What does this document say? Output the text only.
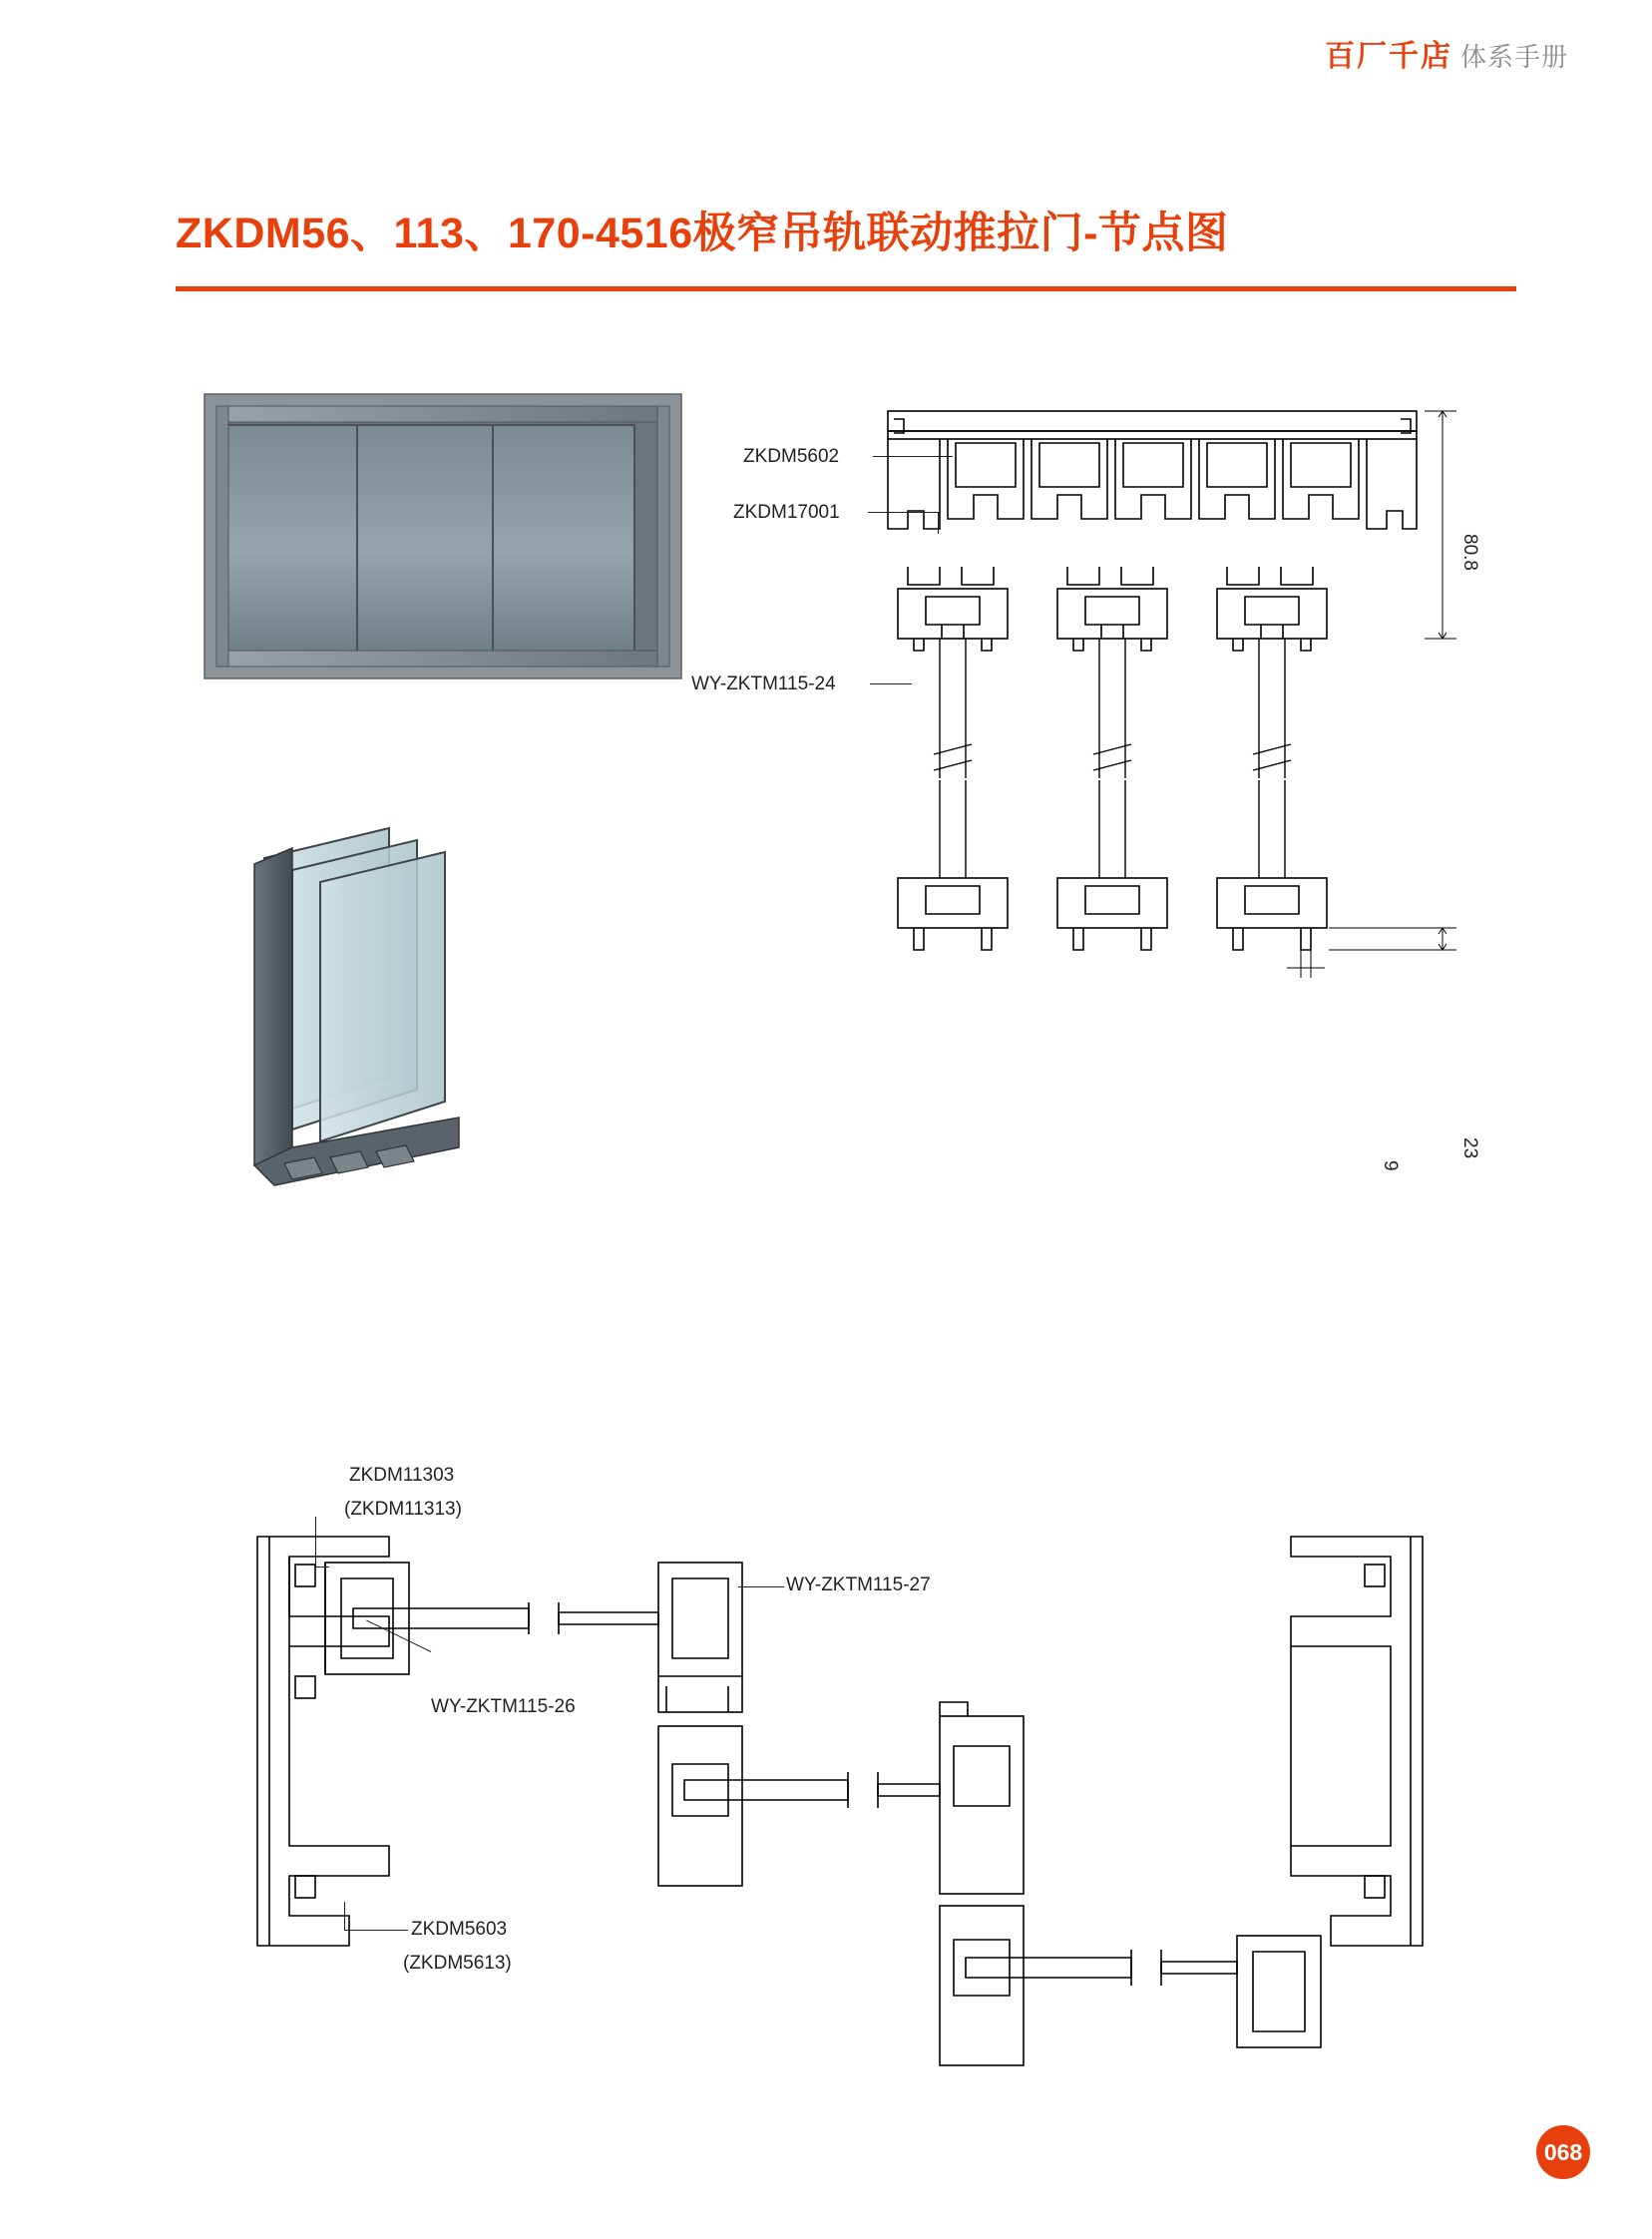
百厂千店 体系手册
ZKDM56、113、170-4516极窄吊轨联动推拉门-节点图
ZKDM5602
ZKDM17001
WY-ZKTM115-24
80.8
23
9
ZKDM11303
(ZKDM11313)
WY-ZKTM115-27
WY-ZKTM115-26
ZKDM5603
(ZKDM5613)
068
